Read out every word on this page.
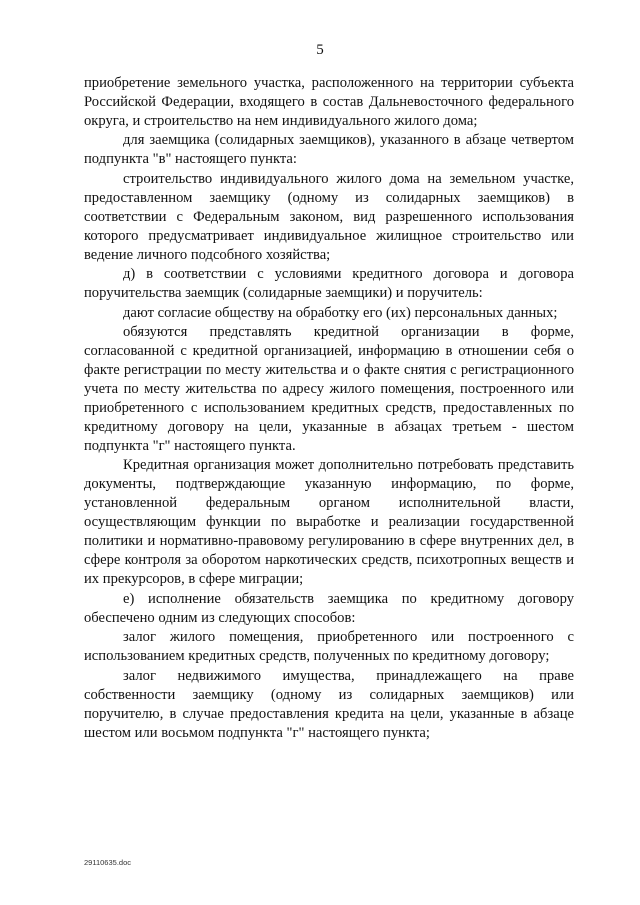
5

приобретение земельного участка, расположенного на территории субъекта Российской Федерации, входящего в состав Дальневосточного федерального округа, и строительство на нем индивидуального жилого дома;

для заемщика (солидарных заемщиков), указанного в абзаце четвертом подпункта "в" настоящего пункта:

строительство индивидуального жилого дома на земельном участке, предоставленном заемщику (одному из солидарных заемщиков) в соответствии с Федеральным законом, вид разрешенного использования которого предусматривает индивидуальное жилищное строительство или ведение личного подсобного хозяйства;

д) в соответствии с условиями кредитного договора и договора поручительства заемщик (солидарные заемщики) и поручитель:

дают согласие обществу на обработку его (их) персональных данных;

обязуются представлять кредитной организации в форме, согласованной с кредитной организацией, информацию в отношении себя о факте регистрации по месту жительства и о факте снятия с регистрационного учета по месту жительства по адресу жилого помещения, построенного или приобретенного с использованием кредитных средств, предоставленных по кредитному договору на цели, указанные в абзацах третьем - шестом подпункта "г" настоящего пункта.

Кредитная организация может дополнительно потребовать представить документы, подтверждающие указанную информацию, по форме, установленной федеральным органом исполнительной власти, осуществляющим функции по выработке и реализации государственной политики и нормативно-правовому регулированию в сфере внутренних дел, в сфере контроля за оборотом наркотических средств, психотропных веществ и их прекурсоров, в сфере миграции;

е) исполнение обязательств заемщика по кредитному договору обеспечено одним из следующих способов:

залог жилого помещения, приобретенного или построенного с использованием кредитных средств, полученных по кредитному договору;

залог недвижимого имущества, принадлежащего на праве собственности заемщику (одному из солидарных заемщиков) или поручителю, в случае предоставления кредита на цели, указанные в абзаце шестом или восьмом подпункта "г" настоящего пункта;

29110635.doc
